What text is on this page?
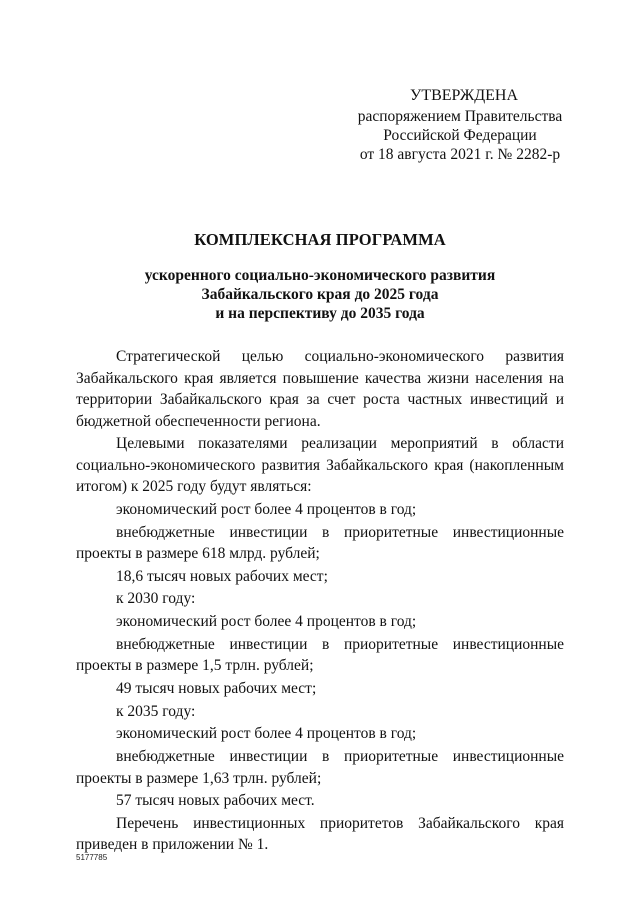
УТВЕРЖДЕНА
распоряжением Правительства
Российской Федерации
от 18 августа 2021 г. № 2282-р
КОМПЛЕКСНАЯ ПРОГРАММА
ускоренного социально-экономического развития
Забайкальского края до 2025 года
и на перспективу до 2035 года

Стратегической целью социально-экономического развития Забайкальского края является повышение качества жизни населения на территории Забайкальского края за счет роста частных инвестиций и бюджетной обеспеченности региона.

Целевыми показателями реализации мероприятий в области социально-экономического развития Забайкальского края (накопленным итогом) к 2025 году будут являться:

экономический рост более 4 процентов в год;

внебюджетные инвестиции в приоритетные инвестиционные проекты в размере 618 млрд. рублей;

18,6 тысяч новых рабочих мест;

к 2030 году:

экономический рост более 4 процентов в год;

внебюджетные инвестиции в приоритетные инвестиционные проекты в размере 1,5 трлн. рублей;

49 тысяч новых рабочих мест;

к 2035 году:

экономический рост более 4 процентов в год;

внебюджетные инвестиции в приоритетные инвестиционные проекты в размере 1,63 трлн. рублей;

57 тысяч новых рабочих мест.

Перечень инвестиционных приоритетов Забайкальского края приведен в приложении № 1.

5177785
